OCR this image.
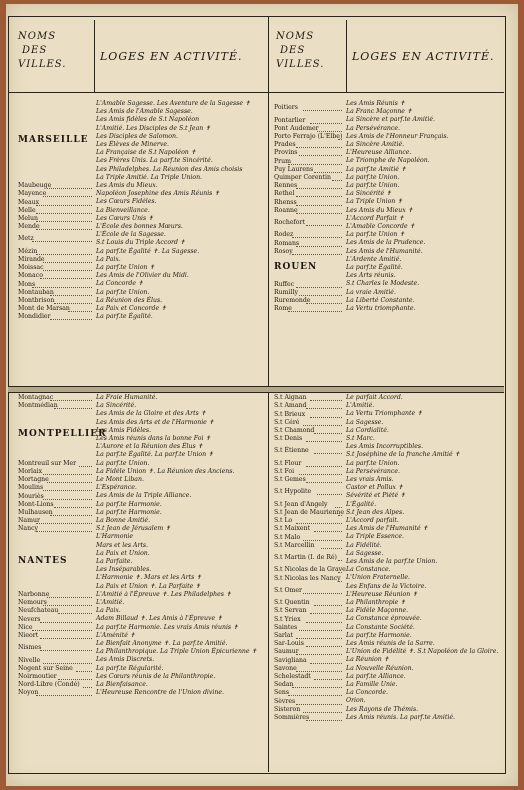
NOMS
DES
VILLES.
LOGES EN ACTIVITÉ.
NOMS
DES
VILLES.
LOGES EN ACTIVITÉ.
MARSEILLE
L'Amable Sagesse. Les Aventure de la Sagesse ✝
Les Amis de l'Amable Sagesse.
Les Amis fidèles de S.t Napoléon
L'Amitié. Les Disciples de S.t Jean ✝
Les Disciples de Salomon.
Les Élèves de Minerve.
La Française de S.t Napoléon ✝
Les Frères Unis. La parf.te Sincérité.
Les Philadelphes. La Réunion des Amis choisis
La Triple Amitié. La Triple Union.
Maubeuge	Les Amis du Mieux.
Mayence	Napoléon Josephine des Amis Réunis ✝
Meaux	Les Cœurs Fidèles.
Melle	La Bienveillance.
Melun	Les Cœurs Unis ✝
Mende	L'École des bonnes Mœurs.
Metz
L'École de la Sagesse.
S.t Louis du Triple Accord ✝
Mézin	La parf.te Égalité ✝. La Sagesse.
Mirande	La Paix.
Moissac	La parf.te Union ✝
Monaco	Les Amis de l'Olivier du Midi.
Mons	La Concorde ✝
Montauban	La parf.te Union.
Montbrison	La Réunion des Élus.
Mont de Marsan	La Paix et Concorde ✝
Mondidier	La parf.te Égalité.
Poitiers
Les Amis Réunis ✝
La Franc Maçonne ✝
Pontarlier	La Sincère et parf.te Amitié.
Pont Audemer	La Persévérance.
Porto Ferrajo (L'Elbe) Les Amis de l'Honneur Français.
Prades	La Sincère Amitié.
Provins	L'Heureuse Alliance.
Prum	Le Triomphe de Napoléon.
Puy Laurens	La parf.te Amitié ✝
Quimper Corentin La parf.te Union.
Rennes	La parf.te Union.
Rethel	La Sincérité ✝
Rhenss	La Triple Union ✝
Roanne	Les Amis du Mieux ✝
Rochefort
L'Accord Parfait ✝
L'Amable Concorde ✝
Rodez	La parf.te Union ✝
Romans	Les Amis de la Prudence.
Rosoy	Les Amis de l'Humanité.
ROUEN
L'Ardente Amitié.
La parf.te Égalité.
Les Arts réunis.
Ruffec	S.t Charles le Modeste.
Rumilly	La vraie Amitié.
Ruremonde	La Liberté Constante.
Rome	La Vertu triomphante.
Montagnac	La Fraie Humanité.
Montmédian	La Sincérité.
MONTPELLIER
Les Amis de la Gloire et des Arts ✝
Les Amis des Arts et de l'Harmonie ✝
Les Amis Fidèles.
Les Amis réunis dans la bonne Foi ✝
L'Aurore et la Réunion des Élus ✝
La parf.te Égalité. La parf.te Union ✝
Montreuil sur Mer	La parf.te Union.
Morlaix	La Fidèle Union ✝. La Réunion des Anciens.
Mortagne	Le Mont Liban.
Moulins	L'Espérance.
Mouriès	Les Amis de la Triple Alliance.
Mont-Lions	La parf.te Harmonie.
Mulhausen	La parf.te Harmonie.
Namur	La Bonne Amitié.
Nancy	S.t Jean de Jérusalem ✝
NANTES
L'Harmonie
Mars et les Arts.
La Paix et Union.
La Parfaite.
Les Inséparables.
L'Harmonie ✝. Mars et les Arts ✝
La Paix et Union ✝. La Parfaite ✝
Narbonne	L'Amitié à l'Épreuve ✝. Les Philadelphes ✝
Nemours	L'Amitié.
Neufchateau	La Paix.
Nevers	Adam Billaud ✝. Les Amis à l'Épreuve ✝
Nice	La parf.te Harmonie. Les vrais Amis réunis ✝
Nieort	L'Aménité ✝
Nismes
Le Bienfait Anonyme ✝. La parf.te Amitié.
La Philanthropique. La Triple Union Épicurienne ✝
Nivelle	Les Amis Discrets.
Nogent sur Seine	La parf.te Régularité.
Noirmoutier	Les Cœurs réunis de la Philanthropie.
Nord-Libre (Condé)	La Bienfaisance.
Noyon	L'Heureuse Rencontre de l'Union divine.
S.t Aignan	Le parfait Accord.
S.t Amand	L'Amitié.
S.t Brieux	La Vertu Triomphante ✝
S.t Céré	La Sagesse.
S.t Chamond	La Cordialité.
S.t Denis	S.t Marc.
S.t Étienne
Les Amis Incorruptibles.
S.t Joséphine de la franche Amitié ✝
S.t Flour	La parf.te Union.
S.t Foi	La Persévérance.
S.t Gemes	Les vrais Amis.
S.t Hypolite
Castor et Pollux ✝
Sévérité et Piété ✝
S.t Jean d'Angely	L'Égalité.
S.t Jean de Maurienne S.t Jean des Alpes.
S.t Lo	L'Accord parfait.
S.t Maixent	Les Amis de l'Humanité ✝
S.t Malo	La Triple Essence.
S.t Marcellin	La Fidélité.
S.t Martin (I. de Ré)
La Sagesse.
Les Amis de la parf.te Union.
S.t Nicolas de la Grave La Constance.
S.t Nicolas les Nancy L'Union Fraternelle.
S.t Omer
Les Enfans de la Victoire.
L'Heureuse Réunion ✝
S.t Quentin	La Philanthropie ✝
S.t Servan	La Fidèle Maçonne.
S.t Yriex	La Constance éprouvée.
Saintes	La Constante Société.
Sarlat	La parf.te Harmonie.
Sar-Louis	Les Amis réunis de la Sarre.
Saumur	L'Union de Fidélité ✝. S.t Napoléon de la Gloire.
Savigliana	La Réunion ✝
Savone	La Nouvelle Réunion.
Schelestadt	La parf.te Alliance.
Sedan	La Famille Unie.
Sens	La Concorde.
Sèvres	Orion.
Sisteron	Les Rayons de Thémis.
Sommières	Les Amis réunis. La parf.te Amitié.
